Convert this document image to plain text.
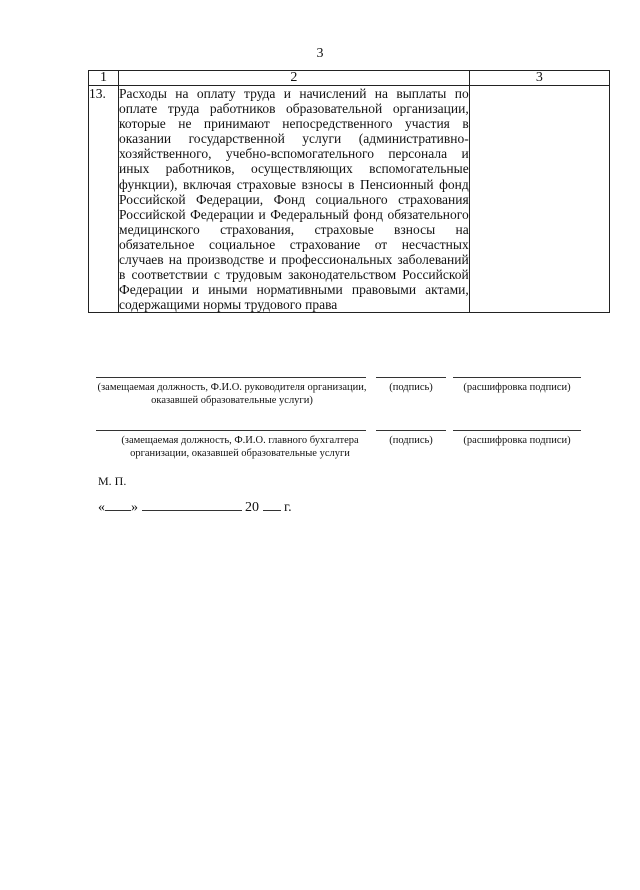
3
1	2	3
13.	Расходы на оплату труда и начислений на выплаты по оплате труда работников образовательной организации, которые не принимают непосредственного участия в оказании государственной услуги (административно-хозяйственного, учебно-вспомогательного персонала и иных работников, осуществляющих вспомогательные функции), включая страховые взносы в Пенсионный фонд Российской Федерации, Фонд социального страхования Российской Федерации и Федеральный фонд обязательного медицинского страхования, страховые взносы на обязательное социальное страхование от несчастных случаев на производстве и профессиональных заболеваний в соответствии с трудовым законодательством Российской Федерации и иными нормативными правовыми актами, содержащими нормы трудового права	
(замещаемая должность, Ф.И.О. руководителя организации, оказавшей образовательные услуги)
(подпись)	(расшифровка подписи)
(замещаемая должность, Ф.И.О. главного бухгалтера организации, оказавшей образовательные услуги
(подпись)	(расшифровка подписи)
М. П.
« »	20 г.
